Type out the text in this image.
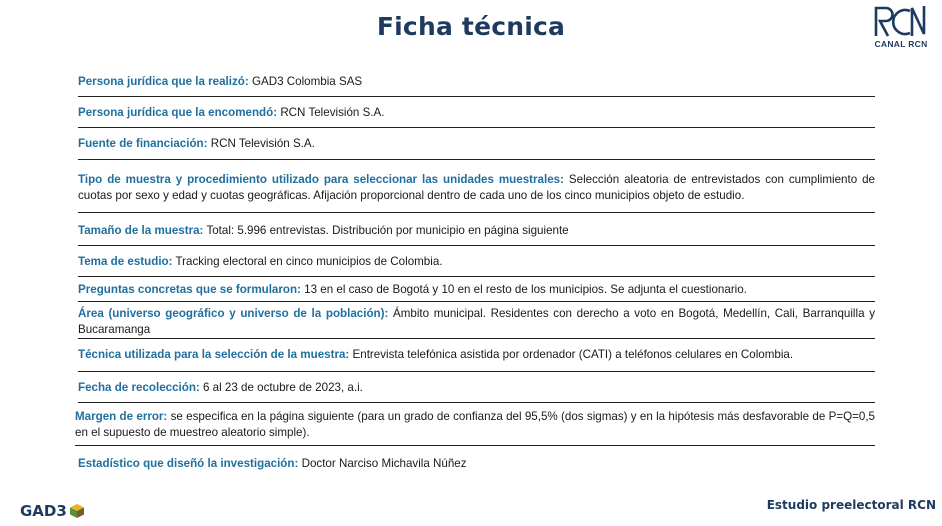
Ficha técnica
CANAL RCN
Persona jurídica que la realizó: GAD3 Colombia SAS
Persona jurídica que la encomendó: RCN Televisión S.A.
Fuente de financiación: RCN Televisión S.A.
Tipo de muestra y procedimiento utilizado para seleccionar las unidades muestrales: Selección aleatoria de entrevistados con cumplimiento de cuotas por sexo y edad y cuotas geográficas. Afijación proporcional dentro de cada uno de los cinco municipios objeto de estudio.
Tamaño de la muestra: Total: 5.996 entrevistas. Distribución por municipio en página siguiente
Tema de estudio: Tracking electoral en cinco municipios de Colombia.
Preguntas concretas que se formularon: 13 en el caso de Bogotá y 10 en el resto de los municipios. Se adjunta el cuestionario.
Área (universo geográfico y universo de la población): Ámbito municipal. Residentes con derecho a voto en Bogotá, Medellín, Cali, Barranquilla y Bucaramanga
Técnica utilizada para la selección de la muestra: Entrevista telefónica asistida por ordenador (CATI) a teléfonos celulares en Colombia.
Fecha de recolección: 6 al 23 de octubre de 2023, a.i.
Margen de error: se especifica en la página siguiente (para un grado de confianza del 95,5% (dos sigmas) y en la hipótesis más desfavorable de P=Q=0,5 en el supuesto de muestreo aleatorio simple).
Estadístico que diseñó la investigación: Doctor Narciso Michavila Núñez
GAD3	Estudio preelectoral RCN
